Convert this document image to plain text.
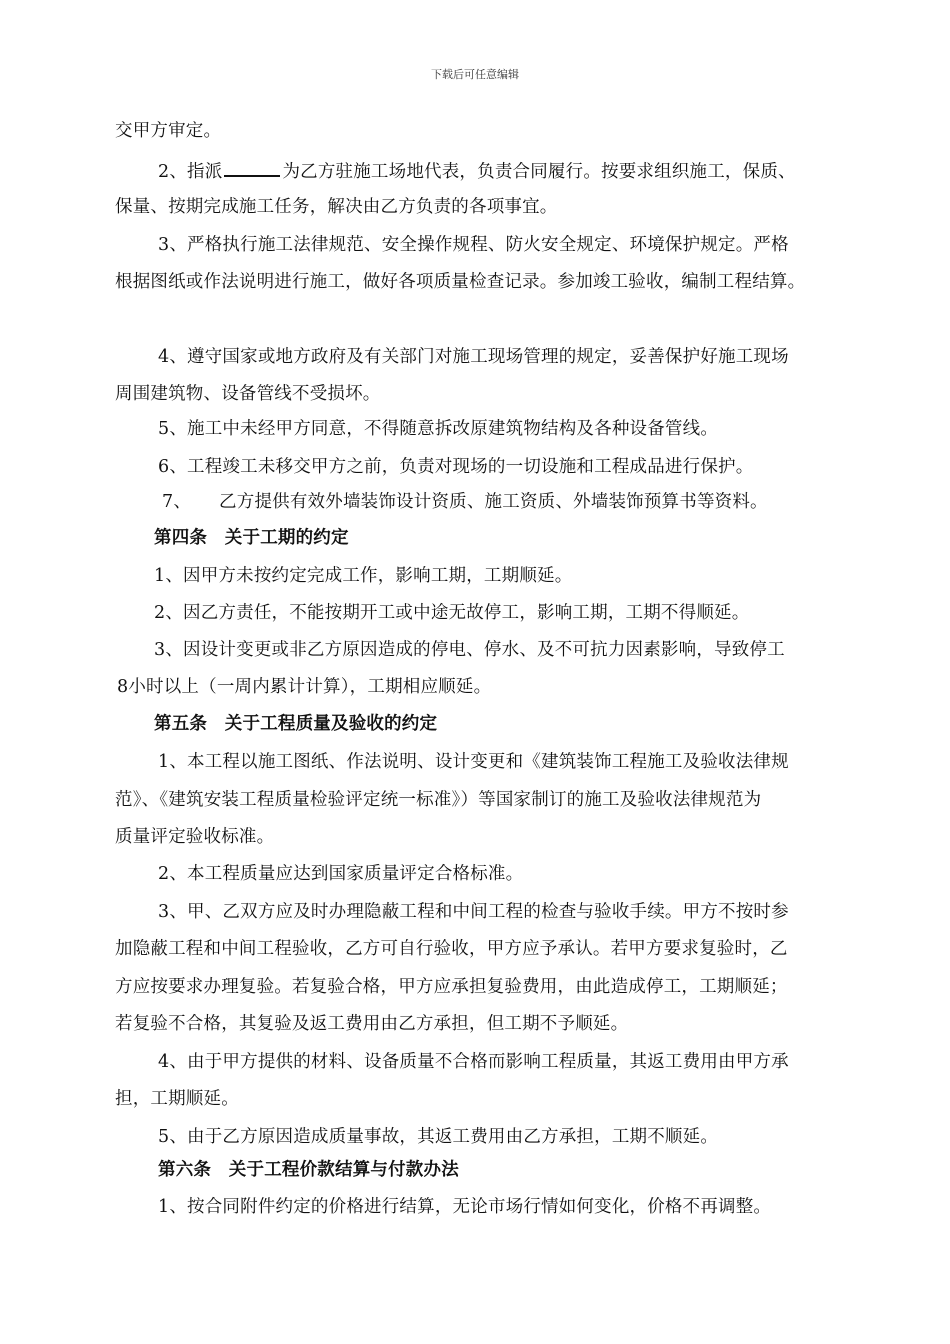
下载后可任意编辑
交甲方审定。
2、指派	为乙方驻施工场地代表，负责合同履行。按要求组织施工，保质、
保量、按期完成施工任务，解决由乙方负责的各项事宜。
3、严格执行施工法律规范、安全操作规程、防火安全规定、环境保护规定。严格
根据图纸或作法说明进行施工，做好各项质量检查记录。参加竣工验收，编制工程结算。
4、遵守国家或地方政府及有关部门对施工现场管理的规定，妥善保护好施工现场
周围建筑物、设备管线不受损坏。
5、施工中未经甲方同意，不得随意拆改原建筑物结构及各种设备管线。
6、工程竣工未移交甲方之前，负责对现场的一切设施和工程成品进行保护。
7、 乙方提供有效外墙装饰设计资质、施工资质、外墙装饰预算书等资料。
第四条　关于工期的约定
1、因甲方未按约定完成工作，影响工期，工期顺延。
2、因乙方责任，不能按期开工或中途无故停工，影响工期，工期不得顺延。
3、因设计变更或非乙方原因造成的停电、停水、及不可抗力因素影响，导致停工
8小时以上（一周内累计计算），工期相应顺延。
第五条　关于工程质量及验收的约定
1、本工程以施工图纸、作法说明、设计变更和《建筑装饰工程施工及验收法律规
范》、《建筑安装工程质量检验评定统一标准》）等国家制订的施工及验收法律规范为
质量评定验收标准。
2、本工程质量应达到国家质量评定合格标准。
3、甲、乙双方应及时办理隐蔽工程和中间工程的检查与验收手续。甲方不按时参
加隐蔽工程和中间工程验收，乙方可自行验收，甲方应予承认。若甲方要求复验时，乙
方应按要求办理复验。若复验合格，甲方应承担复验费用，由此造成停工，工期顺延；
若复验不合格，其复验及返工费用由乙方承担，但工期不予顺延。
4、由于甲方提供的材料、设备质量不合格而影响工程质量，其返工费用由甲方承
担，工期顺延。
5、由于乙方原因造成质量事故，其返工费用由乙方承担，工期不顺延。
第六条　关于工程价款结算与付款办法
1、按合同附件约定的价格进行结算，无论市场行情如何变化，价格不再调整。
